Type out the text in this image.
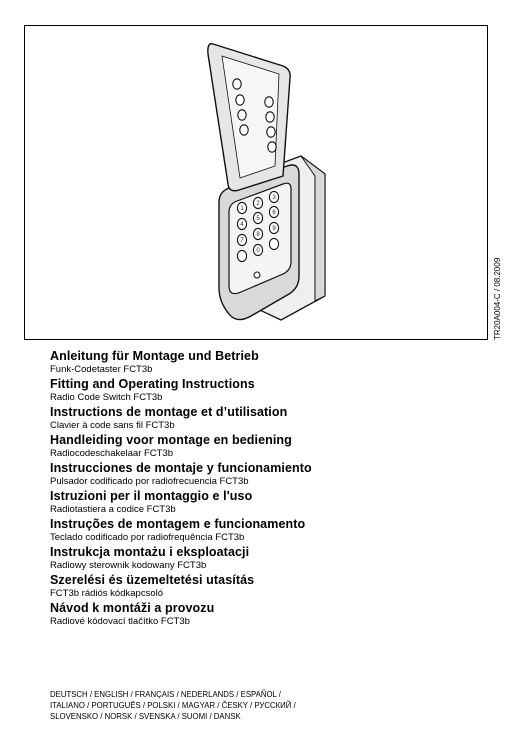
1
2
3
4
5
6
7
8
9
0
TR20A004-C / 08.2009
Anleitung für Montage und Betrieb
Funk-Codetaster FCT3b
Fitting and Operating Instructions
Radio Code Switch FCT3b
Instructions de montage et d’utilisation
Clavier à code sans fil FCT3b
Handleiding voor montage en bediening
Radiocodeschakelaar FCT3b
Instrucciones de montaje y funcionamiento
Pulsador codificado por radiofrecuencia FCT3b
Istruzioni per il montaggio e l'uso
Radiotastiera a codice FCT3b
Instruções de montagem e funcionamento
Teclado codificado por radiofrequência FCT3b
Instrukcja montażu i eksploatacji
Radiowy sterownik kodowany FCT3b
Szerelési és üzemeltetési utasítás
FCT3b rádiós kódkapcsoló
Návod k montáži a provozu
Radiové kódovací tlačítko FCT3b
DEUTSCH / ENGLISH / FRANÇAIS / NEDERLANDS / ESPAÑOL /
ITALIANO / PORTUGUÊS / POLSKI / MAGYAR / ČESKY / РУССКИЙ /
SLOVENSKO / NORSK / SVENSKA / SUOMI / DANSK
